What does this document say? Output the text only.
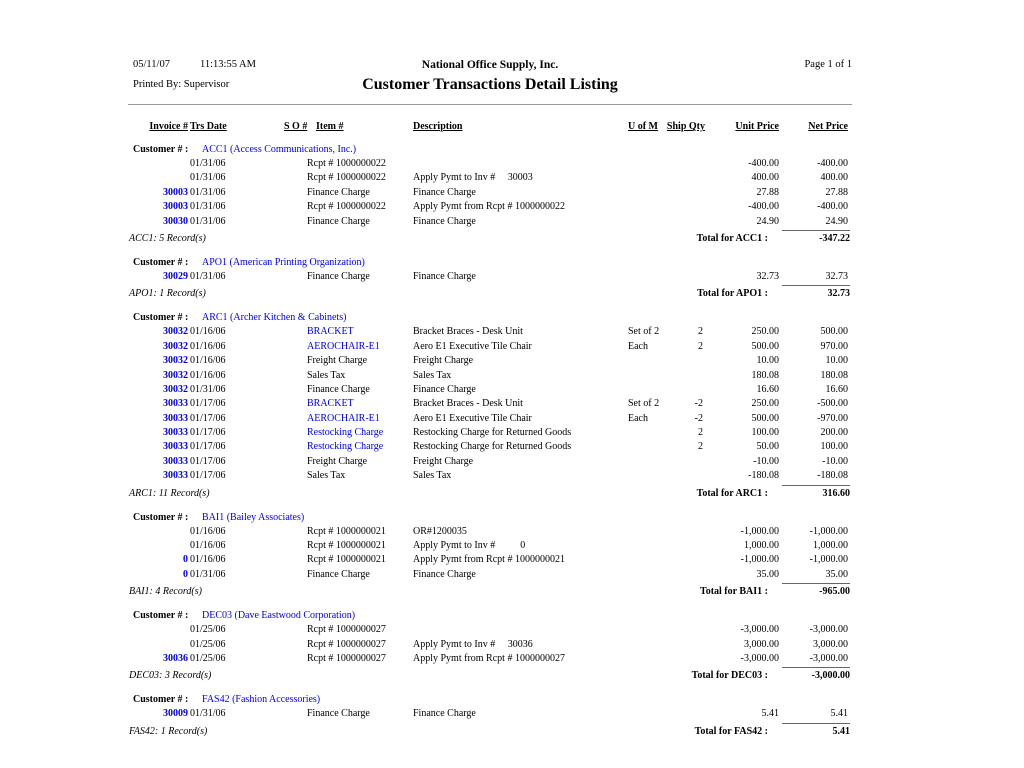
05/11/07	11:13:55 AM	National Office Supply, Inc.	Page 1 of 1
Printed By: Supervisor	Customer Transactions Detail Listing
Invoice # Trs Date	S O # Item #	Description	U of M Ship Qty	Unit Price	Net Price
Customer # : ACC1 (Access Communications, Inc.)
01/31/06	Rcpt # 1000000022	-400.00	-400.00
01/31/06	Rcpt # 1000000022	Apply Pymt to Inv #     30003	400.00	400.00
30003 01/31/06	Finance Charge	Finance Charge	27.88	27.88
30003 01/31/06	Rcpt # 1000000022	Apply Pymt from Rcpt # 1000000022	-400.00	-400.00
30030 01/31/06	Finance Charge	Finance Charge	24.90	24.90
ACC1: 5 Record(s)	Total for ACC1 :	-347.22
Customer # : APO1 (American Printing Organization)
30029 01/31/06	Finance Charge	Finance Charge	32.73	32.73
APO1: 1 Record(s)	Total for APO1 :	32.73
Customer # : ARC1 (Archer Kitchen & Cabinets)
30032 01/16/06	BRACKET	Bracket Braces - Desk Unit	Set of 2	2	250.00	500.00
30032 01/16/06	AEROCHAIR-E1	Aero E1 Executive Tile Chair	Each	2	500.00	970.00
30032 01/16/06	Freight Charge	Freight Charge	10.00	10.00
30032 01/16/06	Sales Tax	Sales Tax	180.08	180.08
30032 01/31/06	Finance Charge	Finance Charge	16.60	16.60
30033 01/17/06	BRACKET	Bracket Braces - Desk Unit	Set of 2	-2	250.00	-500.00
30033 01/17/06	AEROCHAIR-E1	Aero E1 Executive Tile Chair	Each	-2	500.00	-970.00
30033 01/17/06	Restocking Charge	Restocking Charge for Returned Goods	2	100.00	200.00
30033 01/17/06	Restocking Charge	Restocking Charge for Returned Goods	2	50.00	100.00
30033 01/17/06	Freight Charge	Freight Charge	-10.00	-10.00
30033 01/17/06	Sales Tax	Sales Tax	-180.08	-180.08
ARC1: 11 Record(s)	Total for ARC1 :	316.60
Customer # : BAI1 (Bailey Associates)
01/16/06	Rcpt # 1000000021	OR#1200035	-1,000.00	-1,000.00
01/16/06	Rcpt # 1000000021	Apply Pymt to Inv #          0	1,000.00	1,000.00
0 01/16/06	Rcpt # 1000000021	Apply Pymt from Rcpt # 1000000021	-1,000.00	-1,000.00
0 01/31/06	Finance Charge	Finance Charge	35.00	35.00
BAI1: 4 Record(s)	Total for BAI1 :	-965.00
Customer # : DEC03 (Dave Eastwood Corporation)
01/25/06	Rcpt # 1000000027	-3,000.00	-3,000.00
01/25/06	Rcpt # 1000000027	Apply Pymt to Inv #     30036	3,000.00	3,000.00
30036 01/25/06	Rcpt # 1000000027	Apply Pymt from Rcpt # 1000000027	-3,000.00	-3,000.00
DEC03: 3 Record(s)	Total for DEC03 :	-3,000.00
Customer # : FAS42 (Fashion Accessories)
30009 01/31/06	Finance Charge	Finance Charge	5.41	5.41
FAS42: 1 Record(s)	Total for FAS42 :	5.41
